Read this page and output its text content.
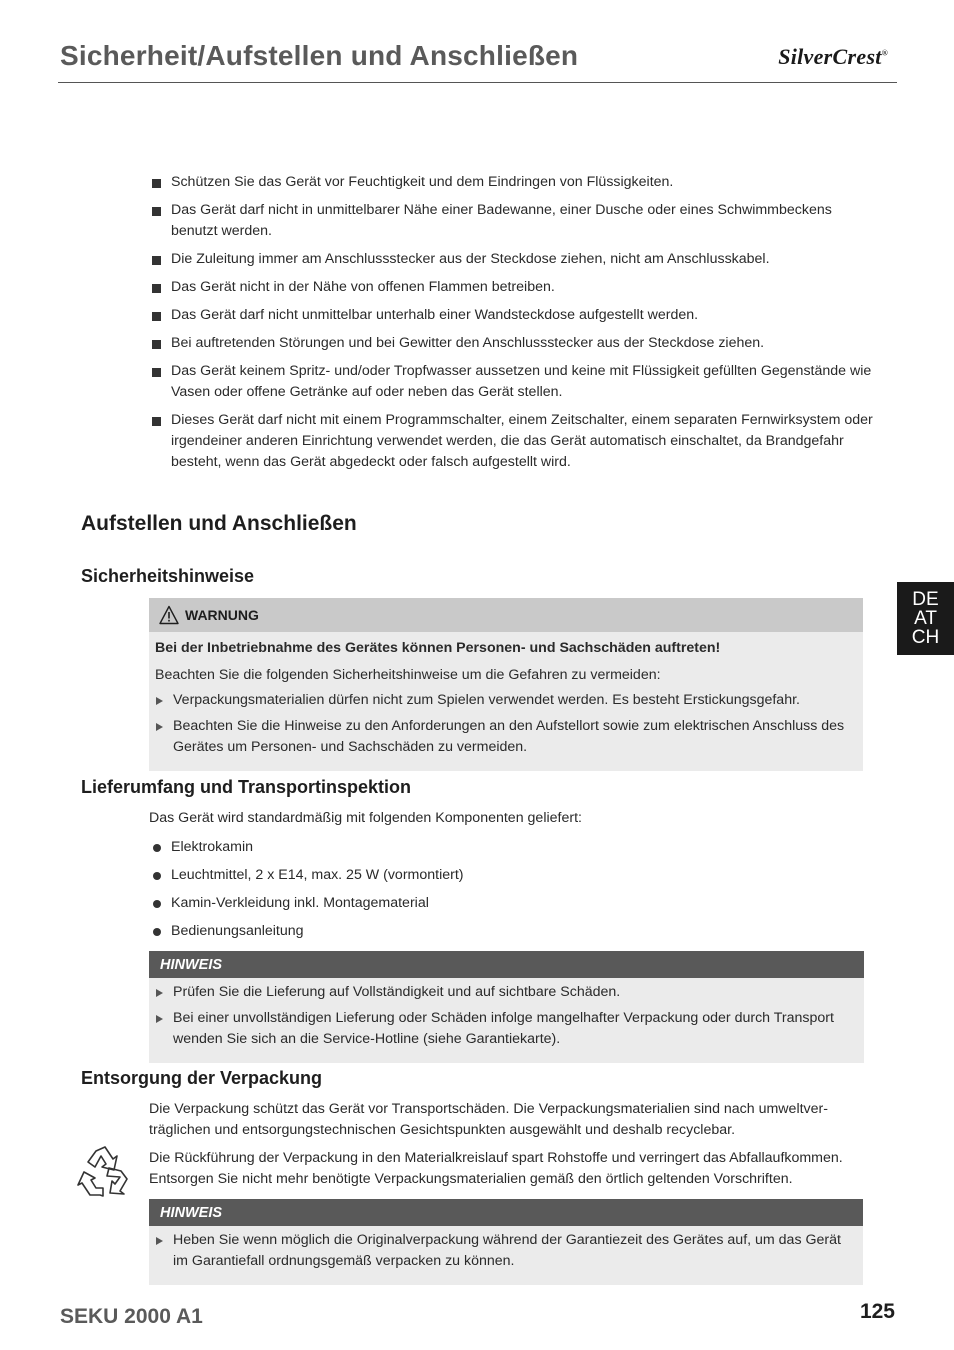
Sicherheit/Aufstellen und Anschließen	SilverCrest®
Schützen Sie das Gerät vor Feuchtigkeit und dem Eindringen von Flüssigkeiten.
Das Gerät darf nicht in unmittelbarer Nähe einer Badewanne, einer Dusche oder eines Schwimmbeckens benutzt werden.
Die Zuleitung immer am Anschlussstecker aus der Steckdose ziehen, nicht am Anschlusskabel.
Das Gerät nicht in der Nähe von offenen Flammen betreiben.
Das Gerät darf nicht unmittelbar unterhalb einer Wandsteckdose aufgestellt werden.
Bei auftretenden Störungen und bei Gewitter den Anschlussstecker aus der Steckdose ziehen.
Das Gerät keinem Spritz- und/oder Tropfwasser aussetzen und keine mit Flüssigkeit gefüllten Gegenstände wie Vasen oder offene Getränke auf oder neben das Gerät stellen.
Dieses Gerät darf nicht mit einem Programmschalter, einem Zeitschalter, einem separaten Fernwirksystem oder irgendeiner anderen Einrichtung verwendet werden, die das Gerät automatisch einschaltet, da Brandgefahr besteht, wenn das Gerät abgedeckt oder falsch aufgestellt wird.
Aufstellen und Anschließen
Sicherheitshinweise
WARNUNG
Bei der Inbetriebnahme des Gerätes können Personen- und Sachschäden auftreten!
Beachten Sie die folgenden Sicherheitshinweise um die Gefahren zu vermeiden:
Verpackungsmaterialien dürfen nicht zum Spielen verwendet werden. Es besteht Erstickungsgefahr.
Beachten Sie die Hinweise zu den Anforderungen an den Aufstellort sowie zum elektrischen Anschluss des Gerätes um Personen- und Sachschäden zu vermeiden.
Lieferumfang und Transportinspektion
Das Gerät wird standardmäßig mit folgenden Komponenten geliefert:
Elektrokamin
Leuchtmittel, 2 x E14, max. 25 W (vormontiert)
Kamin-Verkleidung inkl. Montagematerial
Bedienungsanleitung
HINWEIS
Prüfen Sie die Lieferung auf Vollständigkeit und auf sichtbare Schäden.
Bei einer unvollständigen Lieferung oder Schäden infolge mangelhafter Verpackung oder durch Transport wenden Sie sich an die Service-Hotline (siehe Garantiekarte).
Entsorgung der Verpackung
Die Verpackung schützt das Gerät vor Transportschäden. Die Verpackungsmaterialien sind nach umweltverträglichen und entsorgungstechnischen Gesichtspunkten ausgewählt und deshalb recyclebar.
Die Rückführung der Verpackung in den Materialkreislauf spart Rohstoffe und verringert das Abfallaufkommen. Entsorgen Sie nicht mehr benötigte Verpackungsmaterialien gemäß den örtlich geltenden Vorschriften.
HINWEIS
Heben Sie wenn möglich die Originalverpackung während der Garantiezeit des Gerätes auf, um das Gerät im Garantiefall ordnungsgemäß verpacken zu können.
DE
AT
CH
SEKU 2000 A1	125
